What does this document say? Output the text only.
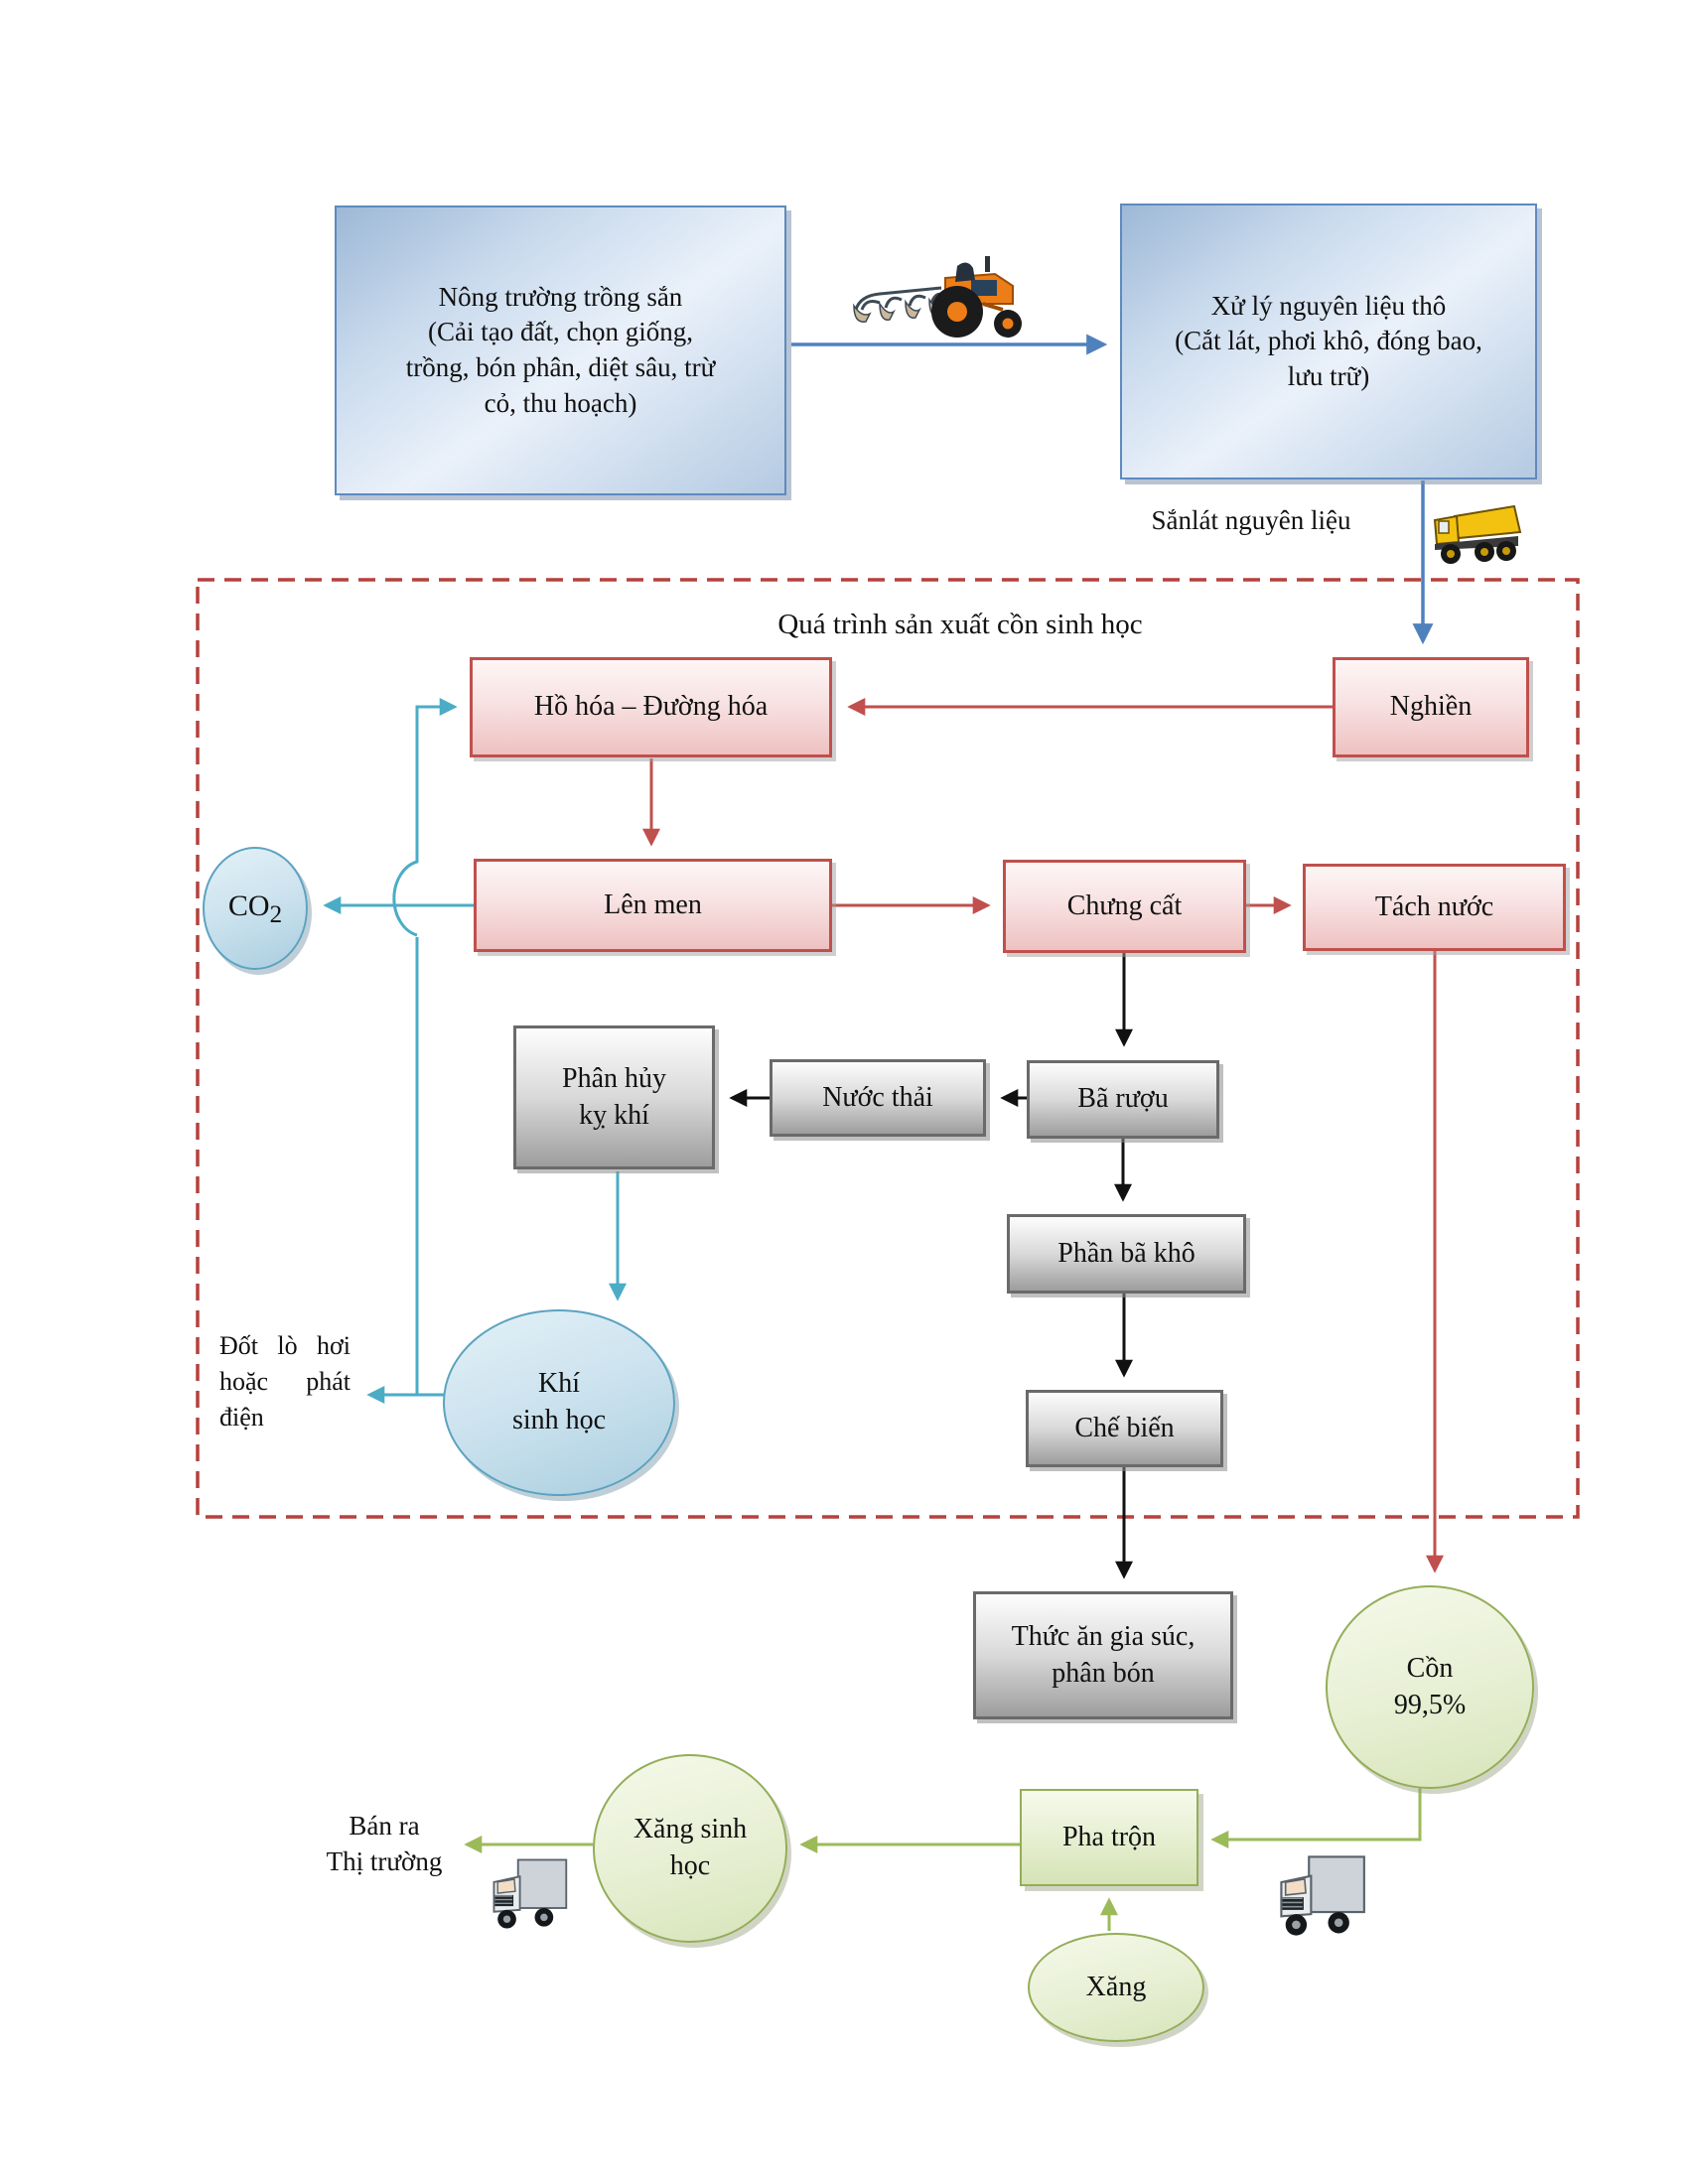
Nông trường trồng sắn
(Cải tạo đất, chọn giống,
trồng, bón phân, diệt sâu, trừ
cỏ, thu hoạch)
Xử lý nguyên liệu thô
(Cắt lát, phơi khô, đóng bao,
lưu trữ)
Sắnlát nguyên liệu
Quá trình sản xuất cồn sinh học
Hồ hóa – Đường hóa	Nghiền
Lên men	Chưng cất	Tách nước
$CO_2$
Phân hủy
kỵ khí
Nước thải	Bã rượu
Phần bã khô
Chế biến
Thức ăn gia súc,
phân bón
Khí
sinh học
Đốt lò hơi
hoặc phát
điện
Cồn
99,5%
Pha trộn
Xăng sinh
học
Xăng
Bán ra
Thị trường
